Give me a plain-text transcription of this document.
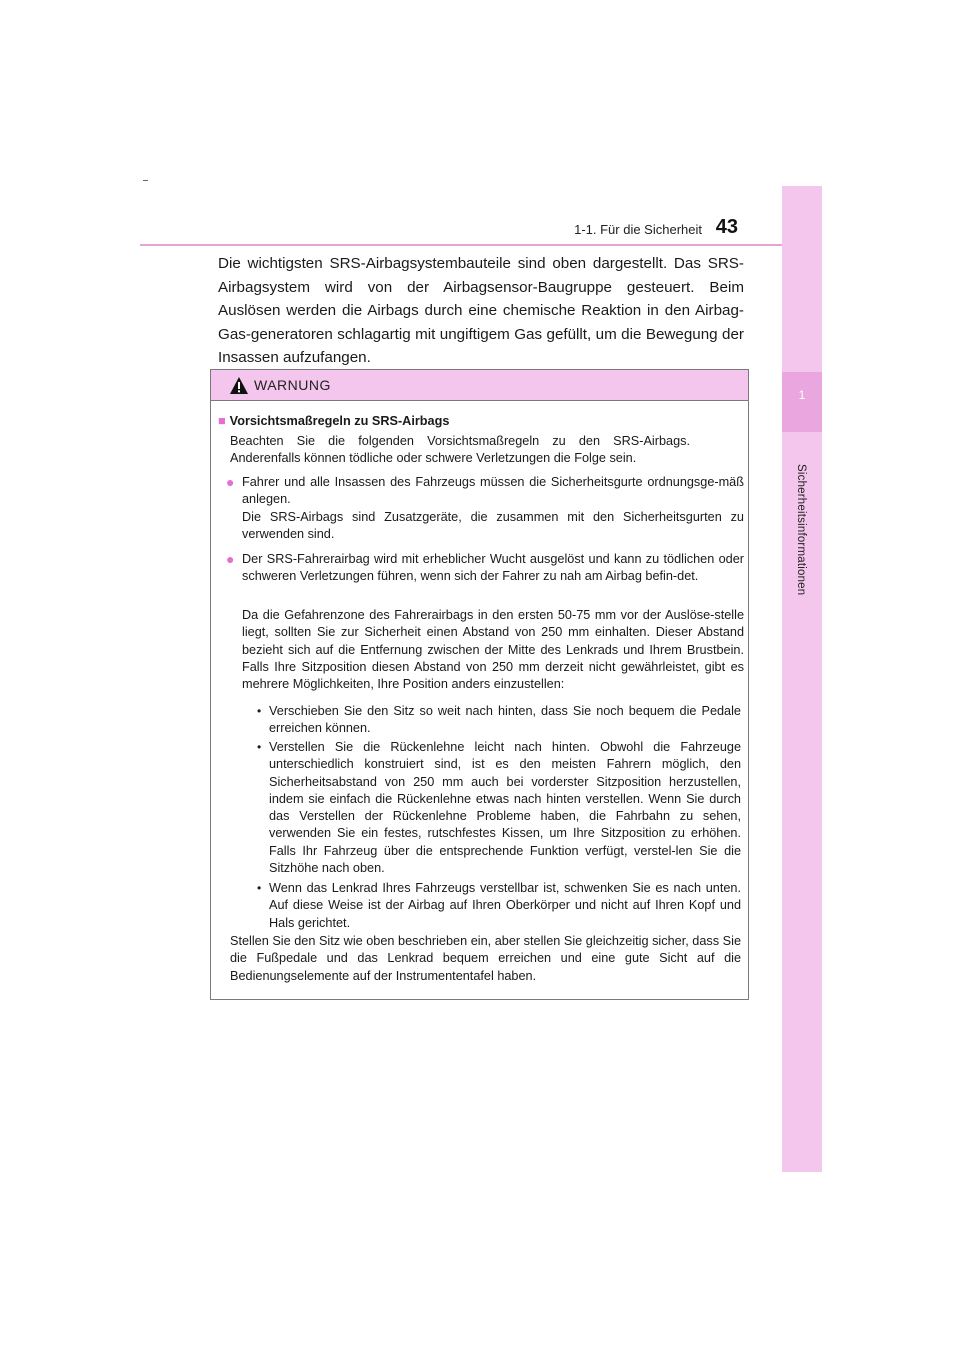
1-1. Für die Sicherheit 43
1
Sicherheitsinformationen

Die wichtigsten SRS-Airbagsystembauteile sind oben dargestellt. Das SRS-Airbagsystem wird von der Airbagsensor-Baugruppe gesteuert. Beim Auslösen werden die Airbags durch eine chemische Reaktion in den Airbag-Gas-generatoren schlagartig mit ungiftigem Gas gefüllt, um die Bewegung der Insassen aufzufangen.

WARNUNG
■ Vorsichtsmaßregeln zu SRS-Airbags
Beachten Sie die folgenden Vorsichtsmaßregeln zu den SRS-Airbags. Anderenfalls können tödliche oder schwere Verletzungen die Folge sein.
● Fahrer und alle Insassen des Fahrzeugs müssen die Sicherheitsgurte ordnungsge-mäß anlegen.
Die SRS-Airbags sind Zusatzgeräte, die zusammen mit den Sicherheitsgurten zu verwenden sind.
● Der SRS-Fahrerairbag wird mit erheblicher Wucht ausgelöst und kann zu tödlichen oder schweren Verletzungen führen, wenn sich der Fahrer zu nah am Airbag befin-det.
Da die Gefahrenzone des Fahrerairbags in den ersten 50-75 mm vor der Auslöse-stelle liegt, sollten Sie zur Sicherheit einen Abstand von 250 mm einhalten. Dieser Abstand bezieht sich auf die Entfernung zwischen der Mitte des Lenkrads und Ihrem Brustbein. Falls Ihre Sitzposition diesen Abstand von 250 mm derzeit nicht gewährleistet, gibt es mehrere Möglichkeiten, Ihre Position anders einzustellen:
• Verschieben Sie den Sitz so weit nach hinten, dass Sie noch bequem die Pedale erreichen können.
• Verstellen Sie die Rückenlehne leicht nach hinten. Obwohl die Fahrzeuge unterschiedlich konstruiert sind, ist es den meisten Fahrern möglich, den Sicherheitsabstand von 250 mm auch bei vorderster Sitzposition herzustellen, indem sie einfach die Rückenlehne etwas nach hinten verstellen. Wenn Sie durch das Verstellen der Rückenlehne Probleme haben, die Fahrbahn zu sehen, verwenden Sie ein festes, rutschfestes Kissen, um Ihre Sitzposition zu erhöhen. Falls Ihr Fahrzeug über die entsprechende Funktion verfügt, verstel-len Sie die Sitzhöhe nach oben.
• Wenn das Lenkrad Ihres Fahrzeugs verstellbar ist, schwenken Sie es nach unten. Auf diese Weise ist der Airbag auf Ihren Oberkörper und nicht auf Ihren Kopf und Hals gerichtet.
Stellen Sie den Sitz wie oben beschrieben ein, aber stellen Sie gleichzeitig sicher, dass Sie die Fußpedale und das Lenkrad bequem erreichen und eine gute Sicht auf die Bedienungselemente auf der Instrumententafel haben.
